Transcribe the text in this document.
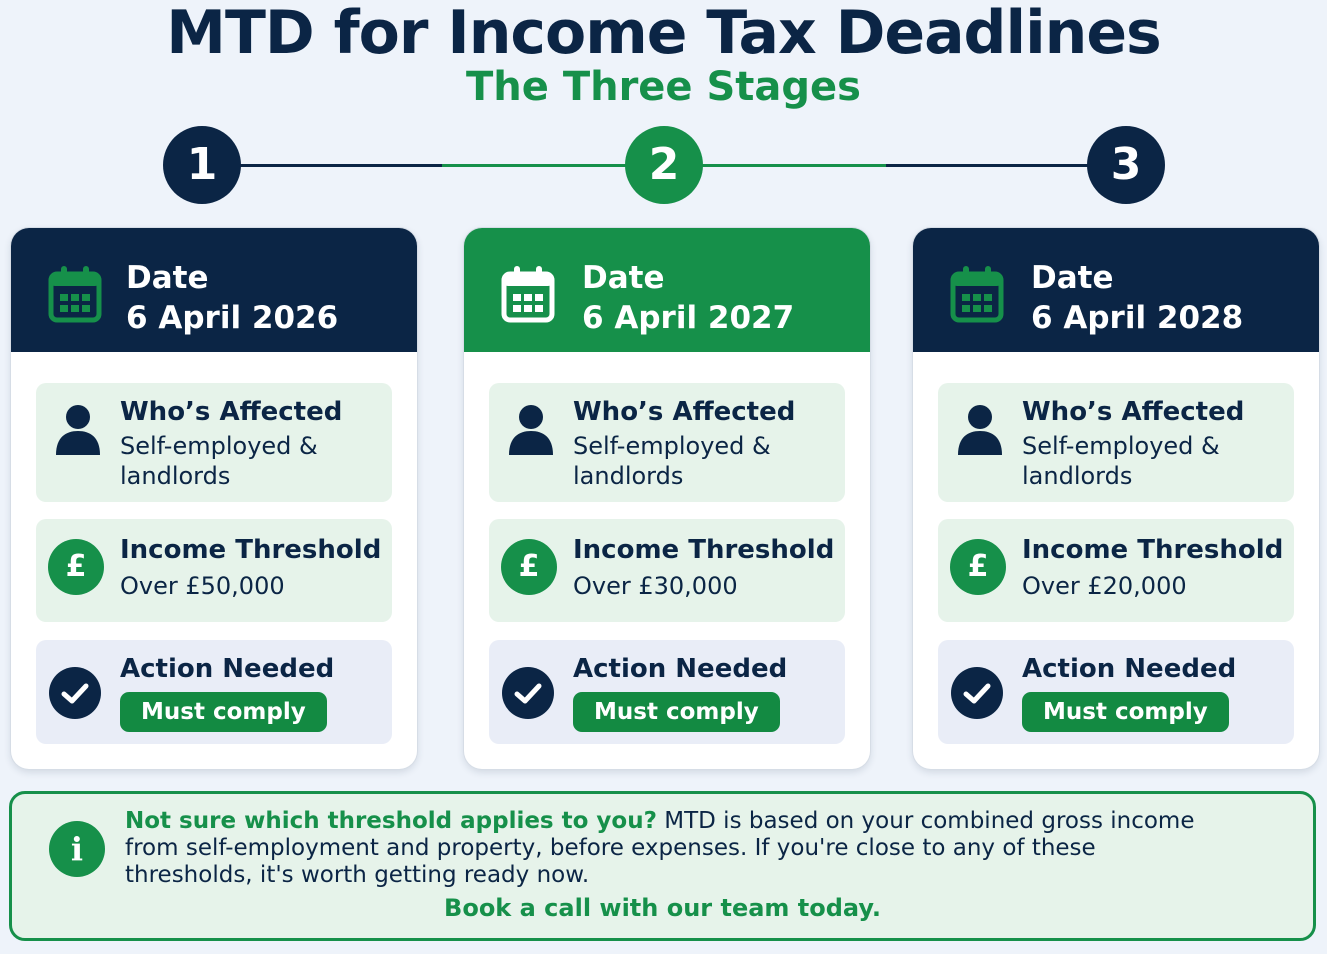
MTD for Income Tax Deadlines
The Three Stages
1	2	3
Date
6 April 2026
Who’s Affected
Self-employed & landlords
£	Income Threshold
Over £50,000
Action Needed
Must comply
Date
6 April 2027
Who’s Affected
Self-employed & landlords
£	Income Threshold
Over £30,000
Action Needed
Must comply
Date
6 April 2028
Who’s Affected
Self-employed & landlords
£	Income Threshold
Over £20,000
Action Needed
Must comply
i
Not sure which threshold applies to you? MTD is based on your combined gross income from self-employment and property, before expenses. If you're close to any of these thresholds, it's worth getting ready now.
Book a call with our team today.
